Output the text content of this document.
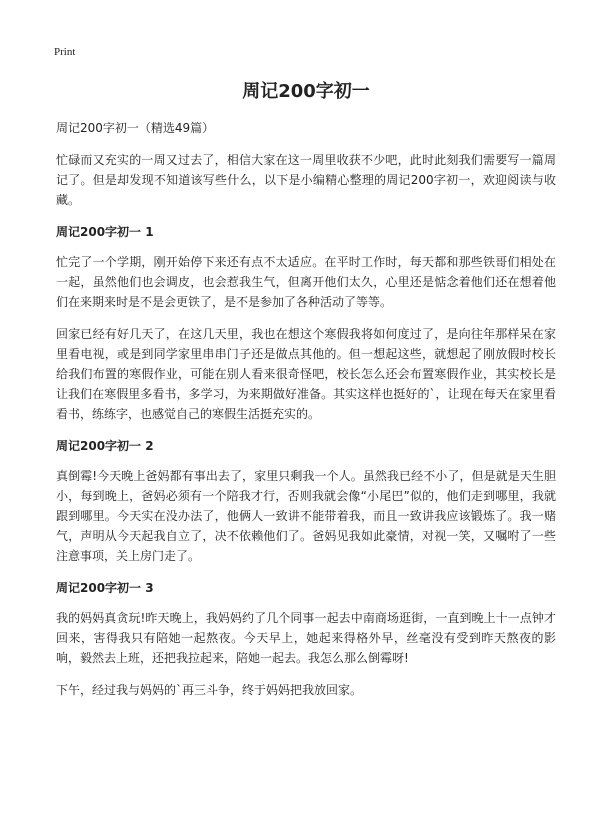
Print
周记200字初一
周记200字初一（精选49篇）

忙碌而又充实的一周又过去了，相信大家在这一周里收获不少吧，此时此刻我们需要写一篇周记了。但是却发现不知道该写些什么，以下是小编精心整理的周记200字初一，欢迎阅读与收藏。

周记200字初一 1

忙完了一个学期，刚开始停下来还有点不太适应。在平时工作时，每天都和那些铁哥们相处在一起，虽然他们也会调皮，也会惹我生气，但离开他们太久，心里还是惦念着他们还在想着他们在来期来时是不是会更铁了，是不是参加了各种活动了等等。

回家已经有好几天了，在这几天里，我也在想这个寒假我将如何度过了，是向往年那样呆在家里看电视，或是到同学家里串串门子还是做点其他的。但一想起这些，就想起了刚放假时校长给我们布置的寒假作业，可能在别人看来很奇怪吧，校长怎么还会布置寒假作业，其实校长是让我们在寒假里多看书，多学习，为来期做好准备。其实这样也挺好的`，让现在每天在家里看看书，练练字，也感觉自己的寒假生活挺充实的。

周记200字初一 2

真倒霉!今天晚上爸妈都有事出去了，家里只剩我一个人。虽然我已经不小了，但是就是天生胆小，每到晚上，爸妈必须有一个陪我才行，否则我就会像“小尾巴”似的，他们走到哪里，我就跟到哪里。今天实在没办法了，他俩人一致讲不能带着我，而且一致讲我应该锻炼了。我一赌气，声明从今天起我自立了，决不依赖他们了。爸妈见我如此豪情，对视一笑，又嘱咐了一些注意事项，关上房门走了。

周记200字初一 3

我的妈妈真贪玩!昨天晚上，我妈妈约了几个同事一起去中南商场逛街，一直到晚上十一点钟才回来，害得我只有陪她一起熬夜。今天早上，她起来得格外早，丝毫没有受到昨天熬夜的影响，毅然去上班，还把我拉起来，陪她一起去。我怎么那么倒霉呀!

下午，经过我与妈妈的`再三斗争，终于妈妈把我放回家。
